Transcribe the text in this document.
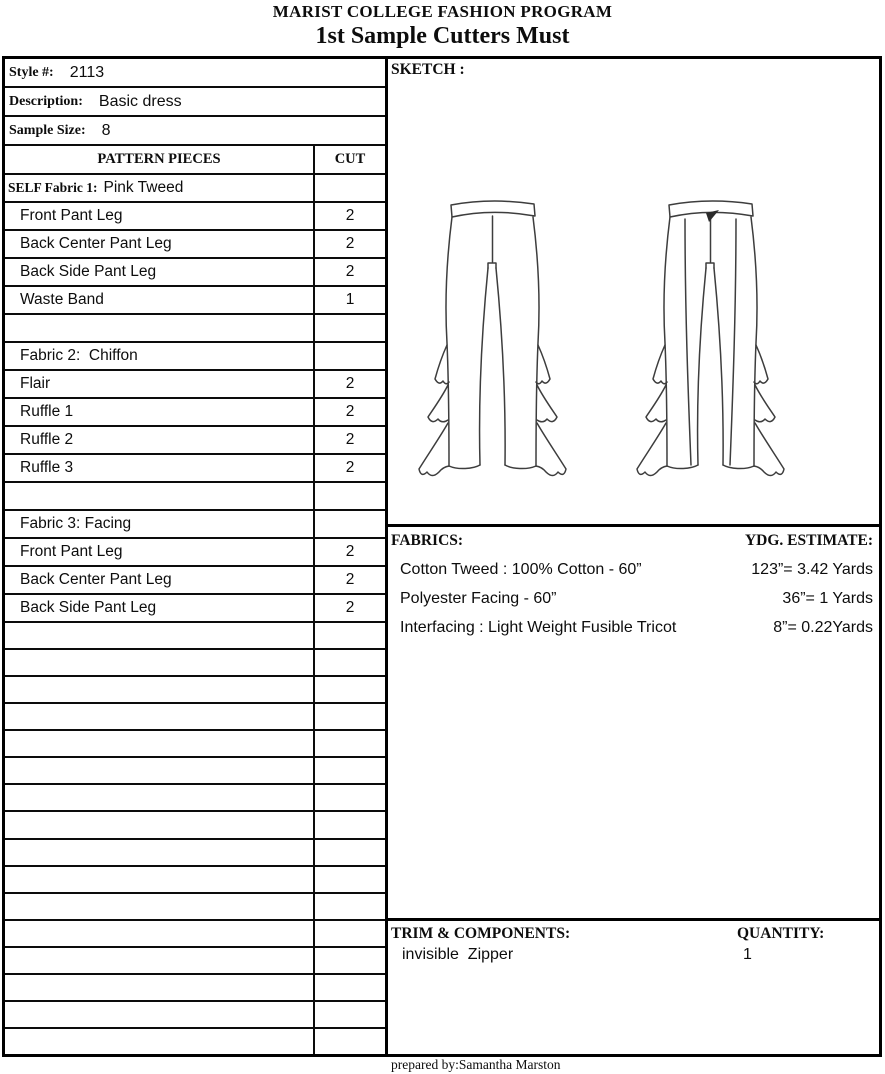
MARIST COLLEGE FASHION PROGRAM
1st Sample Cutters Must
Style #: 2113
Description: Basic dress
Sample Size: 8
PATTERN PIECES	CUT
SELF Fabric 1: Pink Tweed
Front Pant Leg	2
Back Center Pant Leg	2
Back Side Pant Leg	2
Waste Band	1
Fabric 2:  Chiffon
Flair	2
Ruffle 1	2
Ruffle 2	2
Ruffle 3	2
Fabric 3: Facing
Front Pant Leg	2
Back Center Pant Leg	2
Back Side Pant Leg	2
SKETCH :
FABRICS:	YDG. ESTIMATE:
Cotton Tweed : 100% Cotton - 60”	123”= 3.42 Yards
Polyester Facing - 60”	36”= 1 Yards
Interfacing : Light Weight Fusible Tricot	8”= 0.22Yards
TRIM & COMPONENTS:	QUANTITY:
invisible  Zipper	1
prepared by:Samantha Marston
